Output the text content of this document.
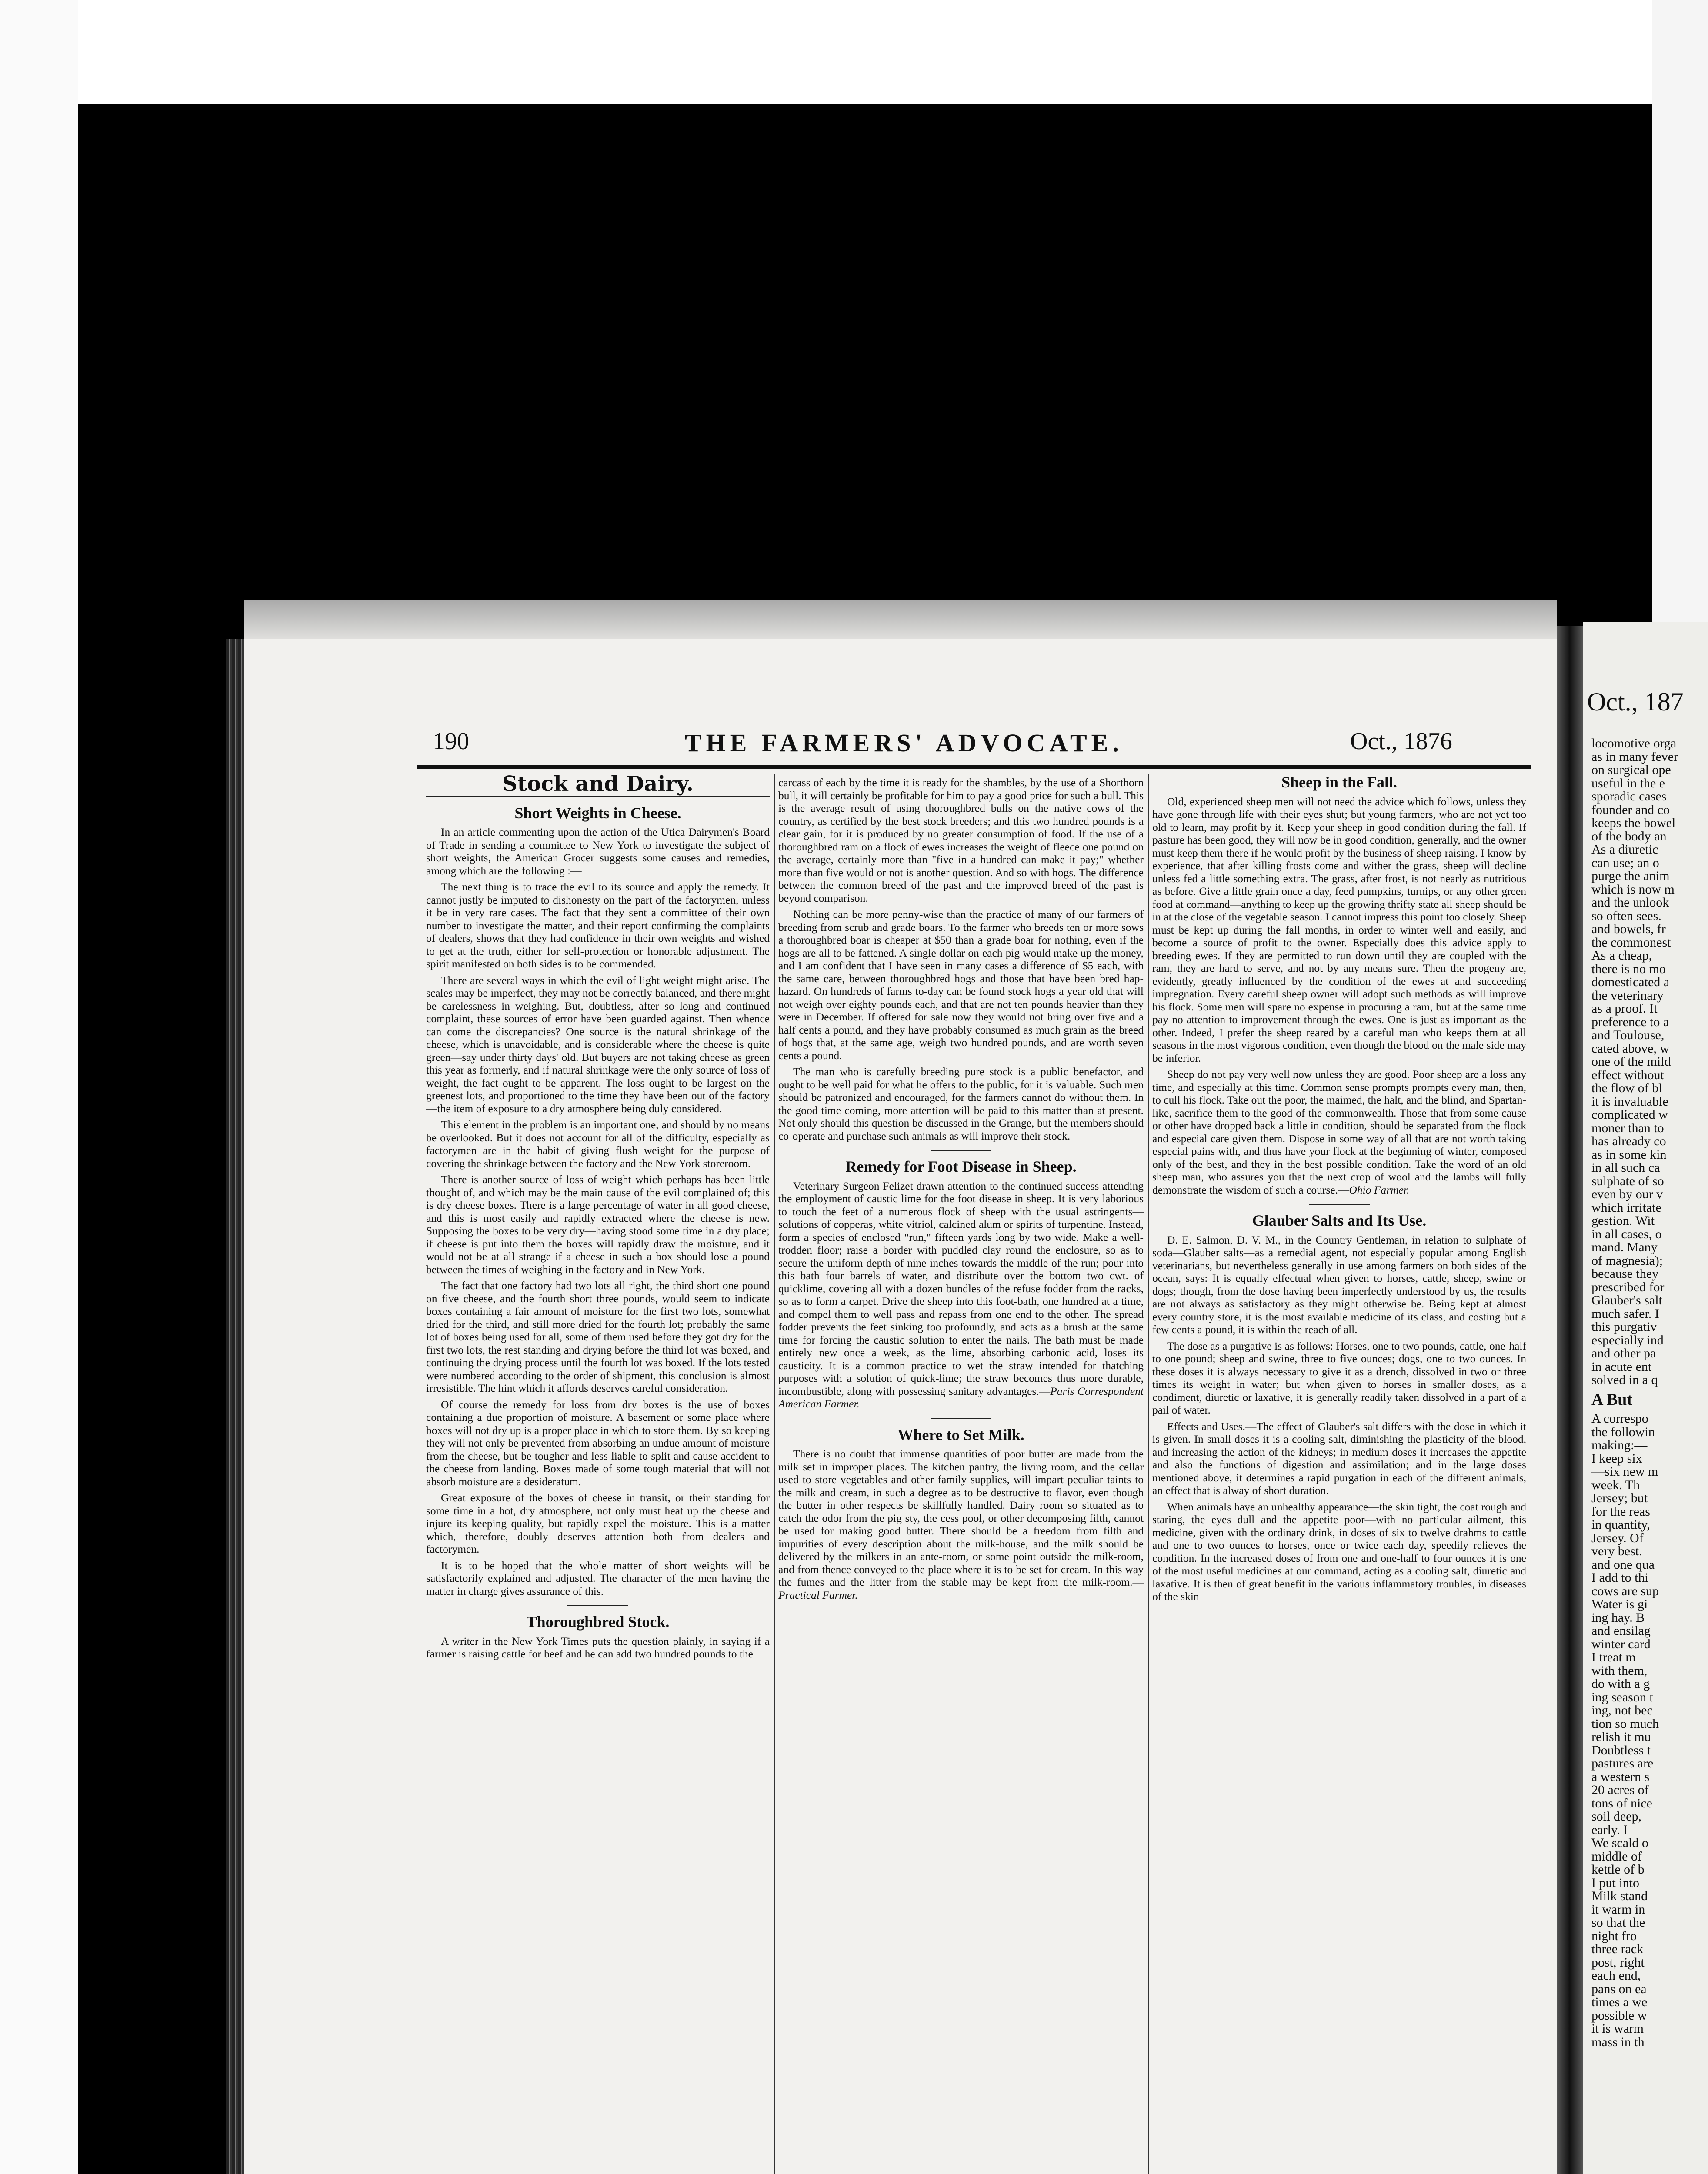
Oct., 187
locomotive orga
as in many fever
on surgical ope
useful in the e
sporadic cases
founder and co
keeps the bowel
of the body an
As a diuretic
can use; an o
purge the anim
which is now m
and the unlook
so often sees.
and bowels, fr
the commonest
As a cheap,
there is no mo
domesticated a
the veterinary
as a proof. It
preference to a
and Toulouse,
cated above, w
one of the mild
effect without
the flow of bl
it is invaluable
complicated w
moner than to
has already co
as in some kin
in all such ca
sulphate of so
even by our v
which irritate
gestion. Wit
in all cases, o
mand. Many
of magnesia);
because they
prescribed for
Glauber's salt
much safer. I
this purgativ
especially ind
and other pa
in acute ent
solved in a q
A But
A correspo
the followin
making:—
I keep six
—six new m
week. Th
Jersey; but
for the reas
in quantity,
Jersey. Of
very best.
and one qua
I add to thi
cows are sup
Water is gi
ing hay. B
and ensilag
winter card
I treat m
with them,
do with a g
ing season t
ing, not bec
tion so much
relish it mu
Doubtless t
pastures are
a western s
20 acres of
tons of nice
soil deep,
early. I
We scald o
middle of
kettle of b
I put into
Milk stand
it warm in
so that the
night fro
three rack
post, right
each end,
pans on ea
times a we
possible w
it is warm
mass in th
190	THE FARMERS' ADVOCATE.	Oct., 1876
Stock and Dairy.
Short Weights in Cheese.

In an article commenting upon the action of the Utica Dairymen's Board of Trade in sending a committee to New York to investigate the subject of short weights, the American Grocer suggests some causes and remedies, among which are the following :—

The next thing is to trace the evil to its source and apply the remedy. It cannot justly be imputed to dishonesty on the part of the factorymen, unless it be in very rare cases. The fact that they sent a committee of their own number to investigate the matter, and their report confirming the complaints of dealers, shows that they had confidence in their own weights and wished to get at the truth, either for self-protection or honorable adjustment. The spirit manifested on both sides is to be commended.

There are several ways in which the evil of light weight might arise. The scales may be imperfect, they may not be correctly balanced, and there might be carelessness in weighing. But, doubtless, after so long and continued complaint, these sources of error have been guarded against. Then whence can come the discrepancies? One source is the natural shrinkage of the cheese, which is unavoidable, and is considerable where the cheese is quite green—say under thirty days' old. But buyers are not taking cheese as green this year as formerly, and if natural shrinkage were the only source of loss of weight, the fact ought to be apparent. The loss ought to be largest on the greenest lots, and proportioned to the time they have been out of the factory—the item of exposure to a dry atmosphere being duly considered.

This element in the problem is an important one, and should by no means be overlooked. But it does not account for all of the difficulty, especially as factorymen are in the habit of giving flush weight for the purpose of covering the shrinkage between the factory and the New York storeroom.

There is another source of loss of weight which perhaps has been little thought of, and which may be the main cause of the evil complained of; this is dry cheese boxes. There is a large percentage of water in all good cheese, and this is most easily and rapidly extracted where the cheese is new. Supposing the boxes to be very dry—having stood some time in a dry place; if cheese is put into them the boxes will rapidly draw the moisture, and it would not be at all strange if a cheese in such a box should lose a pound between the times of weighing in the factory and in New York.

The fact that one factory had two lots all right, the third short one pound on five cheese, and the fourth short three pounds, would seem to indicate boxes containing a fair amount of moisture for the first two lots, somewhat dried for the third, and still more dried for the fourth lot; probably the same lot of boxes being used for all, some of them used before they got dry for the first two lots, the rest standing and drying before the third lot was boxed, and continuing the drying process until the fourth lot was boxed. If the lots tested were numbered according to the order of shipment, this conclusion is almost irresistible. The hint which it affords deserves careful consideration.

Of course the remedy for loss from dry boxes is the use of boxes containing a due proportion of moisture. A basement or some place where boxes will not dry up is a proper place in which to store them. By so keeping they will not only be prevented from absorbing an undue amount of moisture from the cheese, but be tougher and less liable to split and cause accident to the cheese from landing. Boxes made of some tough material that will not absorb moisture are a desideratum.

Great exposure of the boxes of cheese in transit, or their standing for some time in a hot, dry atmosphere, not only must heat up the cheese and injure its keeping quality, but rapidly expel the moisture. This is a matter which, therefore, doubly deserves attention both from dealers and factorymen.

It is to be hoped that the whole matter of short weights will be satisfactorily explained and adjusted. The character of the men having the matter in charge gives assurance of this.

Thoroughbred Stock.

A writer in the New York Times puts the question plainly, in saying if a farmer is raising cattle for beef and he can add two hundred pounds to the

carcass of each by the time it is ready for the shambles, by the use of a Shorthorn bull, it will certainly be profitable for him to pay a good price for such a bull. This is the average result of using thoroughbred bulls on the native cows of the country, as certified by the best stock breeders; and this two hundred pounds is a clear gain, for it is produced by no greater consumption of food. If the use of a thoroughbred ram on a flock of ewes increases the weight of fleece one pound on the average, certainly more than "five in a hundred can make it pay;" whether more than five would or not is another question. And so with hogs. The difference between the common breed of the past and the improved breed of the past is beyond comparison.

Nothing can be more penny-wise than the practice of many of our farmers of breeding from scrub and grade boars. To the farmer who breeds ten or more sows a thoroughbred boar is cheaper at $50 than a grade boar for nothing, even if the hogs are all to be fattened. A single dollar on each pig would make up the money, and I am confident that I have seen in many cases a difference of $5 each, with the same care, between thoroughbred hogs and those that have been bred hap-hazard. On hundreds of farms to-day can be found stock hogs a year old that will not weigh over eighty pounds each, and that are not ten pounds heavier than they were in December. If offered for sale now they would not bring over five and a half cents a pound, and they have probably consumed as much grain as the breed of hogs that, at the same age, weigh two hundred pounds, and are worth seven cents a pound.

The man who is carefully breeding pure stock is a public benefactor, and ought to be well paid for what he offers to the public, for it is valuable. Such men should be patronized and encouraged, for the farmers cannot do without them. In the good time coming, more attention will be paid to this matter than at present. Not only should this question be discussed in the Grange, but the members should co-operate and purchase such animals as will improve their stock.

Remedy for Foot Disease in Sheep.

Veterinary Surgeon Felizet drawn attention to the continued success attending the employment of caustic lime for the foot disease in sheep. It is very laborious to touch the feet of a numerous flock of sheep with the usual astringents—solutions of copperas, white vitriol, calcined alum or spirits of turpentine. Instead, form a species of enclosed "run," fifteen yards long by two wide. Make a well-trodden floor; raise a border with puddled clay round the enclosure, so as to secure the uniform depth of nine inches towards the middle of the run; pour into this bath four barrels of water, and distribute over the bottom two cwt. of quicklime, covering all with a dozen bundles of the refuse fodder from the racks, so as to form a carpet. Drive the sheep into this foot-bath, one hundred at a time, and compel them to well pass and repass from one end to the other. The spread fodder prevents the feet sinking too profoundly, and acts as a brush at the same time for forcing the caustic solution to enter the nails. The bath must be made entirely new once a week, as the lime, absorbing carbonic acid, loses its causticity. It is a common practice to wet the straw intended for thatching purposes with a solution of quick-lime; the straw becomes thus more durable, incombustible, along with possessing sanitary advantages.—Paris Correspondent American Farmer.

Where to Set Milk.

There is no doubt that immense quantities of poor butter are made from the milk set in improper places. The kitchen pantry, the living room, and the cellar used to store vegetables and other family supplies, will impart peculiar taints to the milk and cream, in such a degree as to be destructive to flavor, even though the butter in other respects be skillfully handled. Dairy room so situated as to catch the odor from the pig sty, the cess pool, or other decomposing filth, cannot be used for making good butter. There should be a freedom from filth and impurities of every description about the milk-house, and the milk should be delivered by the milkers in an ante-room, or some point outside the milk-room, and from thence conveyed to the place where it is to be set for cream. In this way the fumes and the litter from the stable may be kept from the milk-room.—Practical Farmer.

Sheep in the Fall.

Old, experienced sheep men will not need the advice which follows, unless they have gone through life with their eyes shut; but young farmers, who are not yet too old to learn, may profit by it. Keep your sheep in good condition during the fall. If pasture has been good, they will now be in good condition, generally, and the owner must keep them there if he would profit by the business of sheep raising. I know by experience, that after killing frosts come and wither the grass, sheep will decline unless fed a little something extra. The grass, after frost, is not nearly as nutritious as before. Give a little grain once a day, feed pumpkins, turnips, or any other green food at command—anything to keep up the growing thrifty state all sheep should be in at the close of the vegetable season. I cannot impress this point too closely. Sheep must be kept up during the fall months, in order to winter well and easily, and become a source of profit to the owner. Especially does this advice apply to breeding ewes. If they are permitted to run down until they are coupled with the ram, they are hard to serve, and not by any means sure. Then the progeny are, evidently, greatly influenced by the condition of the ewes at and succeeding impregnation. Every careful sheep owner will adopt such methods as will improve his flock. Some men will spare no expense in procuring a ram, but at the same time pay no attention to improvement through the ewes. One is just as important as the other. Indeed, I prefer the sheep reared by a careful man who keeps them at all seasons in the most vigorous condition, even though the blood on the male side may be inferior.

Sheep do not pay very well now unless they are good. Poor sheep are a loss any time, and especially at this time. Common sense prompts prompts every man, then, to cull his flock. Take out the poor, the maimed, the halt, and the blind, and Spartan-like, sacrifice them to the good of the commonwealth. Those that from some cause or other have dropped back a little in condition, should be separated from the flock and especial care given them. Dispose in some way of all that are not worth taking especial pains with, and thus have your flock at the beginning of winter, composed only of the best, and they in the best possible condition. Take the word of an old sheep man, who assures you that the next crop of wool and the lambs will fully demonstrate the wisdom of such a course.—Ohio Farmer.

Glauber Salts and Its Use.

D. E. Salmon, D. V. M., in the Country Gentleman, in relation to sulphate of soda—Glauber salts—as a remedial agent, not especially popular among English veterinarians, but nevertheless generally in use among farmers on both sides of the ocean, says: It is equally effectual when given to horses, cattle, sheep, swine or dogs; though, from the dose having been imperfectly understood by us, the results are not always as satisfactory as they might otherwise be. Being kept at almost every country store, it is the most available medicine of its class, and costing but a few cents a pound, it is within the reach of all.

The dose as a purgative is as follows: Horses, one to two pounds, cattle, one-half to one pound; sheep and swine, three to five ounces; dogs, one to two ounces. In these doses it is always necessary to give it as a drench, dissolved in two or three times its weight in water; but when given to horses in smaller doses, as a condiment, diuretic or laxative, it is generally readily taken dissolved in a part of a pail of water.

Effects and Uses.—The effect of Glauber's salt differs with the dose in which it is given. In small doses it is a cooling salt, diminishing the plasticity of the blood, and increasing the action of the kidneys; in medium doses it increases the appetite and also the functions of digestion and assimilation; and in the large doses mentioned above, it determines a rapid purgation in each of the different animals, an effect that is alway of short duration.

When animals have an unhealthy appearance—the skin tight, the coat rough and staring, the eyes dull and the appetite poor—with no particular ailment, this medicine, given with the ordinary drink, in doses of six to twelve drahms to cattle and one to two ounces to horses, once or twice each day, speedily relieves the condition. In the increased doses of from one and one-half to four ounces it is one of the most useful medicines at our command, acting as a cooling salt, diuretic and laxative. It is then of great benefit in the various inflammatory troubles, in diseases of the skin
